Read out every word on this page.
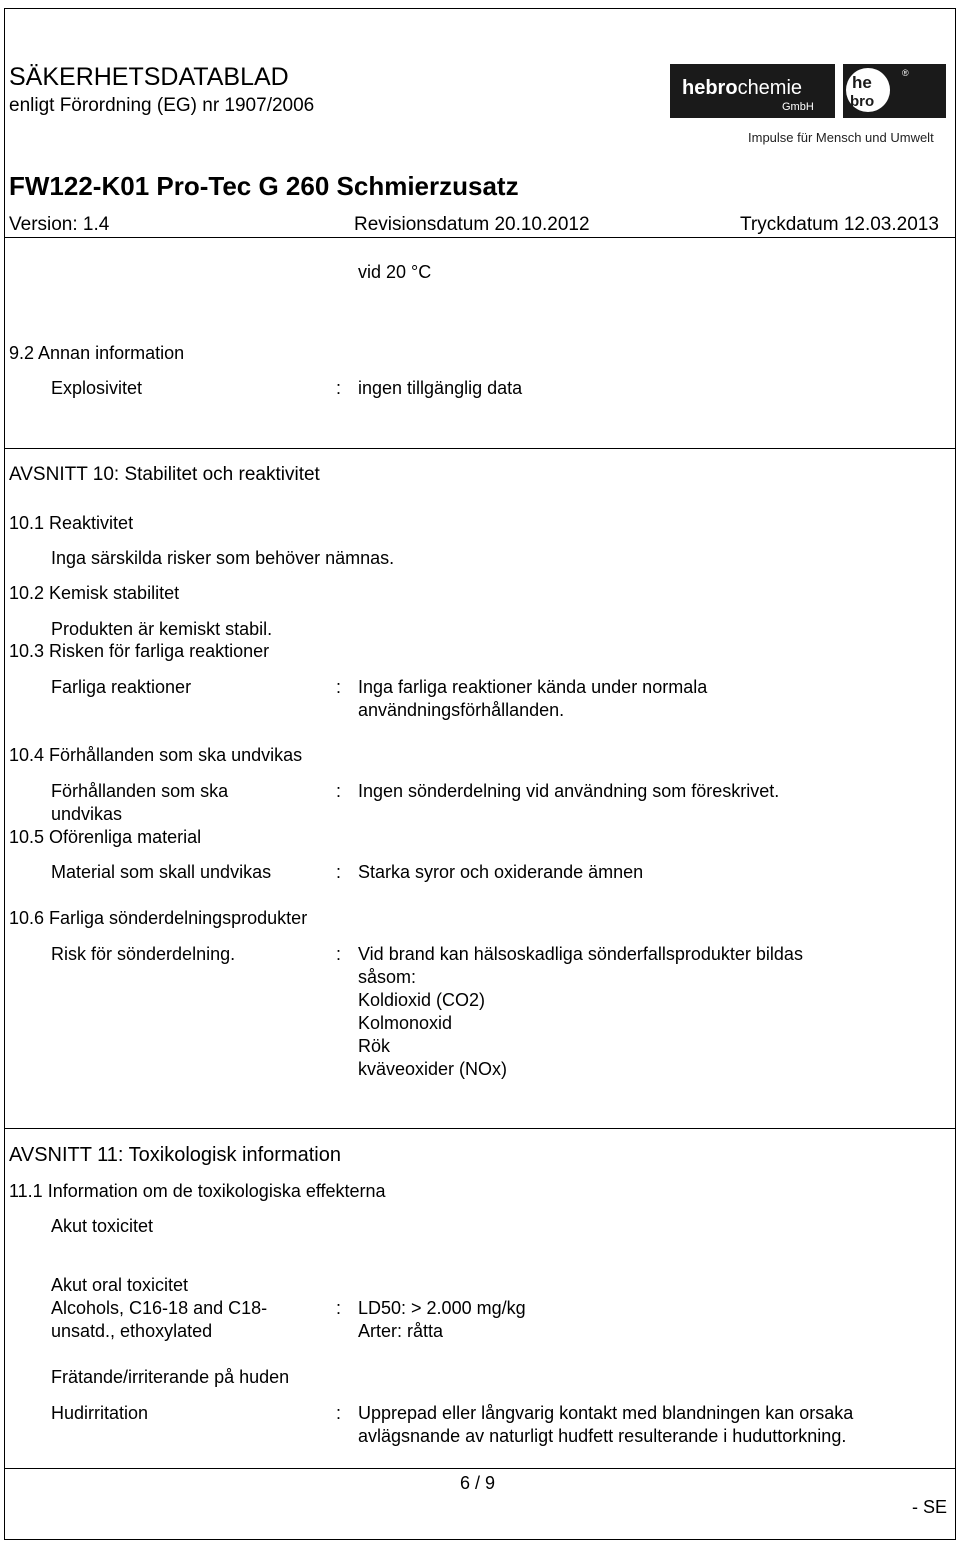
SÄKERHETSDATABLAD
enligt Förordning (EG) nr 1907/2006
hebrochemie
GmbH
he
bro
®
Impulse für Mensch und Umwelt
FW122-K01 Pro-Tec G 260 Schmierzusatz
Version: 1.4	Revisionsdatum 20.10.2012	Tryckdatum 12.03.2013
vid 20 °C
9.2 Annan information
Explosivitet	: ingen tillgänglig data
AVSNITT 10: Stabilitet och reaktivitet
10.1 Reaktivitet
Inga särskilda risker som behöver nämnas.
10.2 Kemisk stabilitet
Produkten är kemiskt stabil.
10.3 Risken för farliga reaktioner
Farliga reaktioner	: Inga farliga reaktioner kända under normala
användningsförhållanden.
10.4 Förhållanden som ska undvikas
Förhållanden som ska
undvikas
: Ingen sönderdelning vid användning som föreskrivet.
10.5 Oförenliga material
Material som skall undvikas	: Starka syror och oxiderande ämnen
10.6 Farliga sönderdelningsprodukter
Risk för sönderdelning.	: Vid brand kan hälsoskadliga sönderfallsprodukter bildas
såsom:
Koldioxid (CO2)
Kolmonoxid
Rök
kväveoxider (NOx)
AVSNITT 11: Toxikologisk information
11.1 Information om de toxikologiska effekterna
Akut toxicitet
Akut oral toxicitet
Alcohols, C16-18 and C18-
unsatd., ethoxylated
: LD50: > 2.000 mg/kg
Arter: råtta
Frätande/irriterande på huden
Hudirritation	: Upprepad eller långvarig kontakt med blandningen kan orsaka
avlägsnande av naturligt hudfett resulterande i huduttorkning.
6 / 9
- SE
